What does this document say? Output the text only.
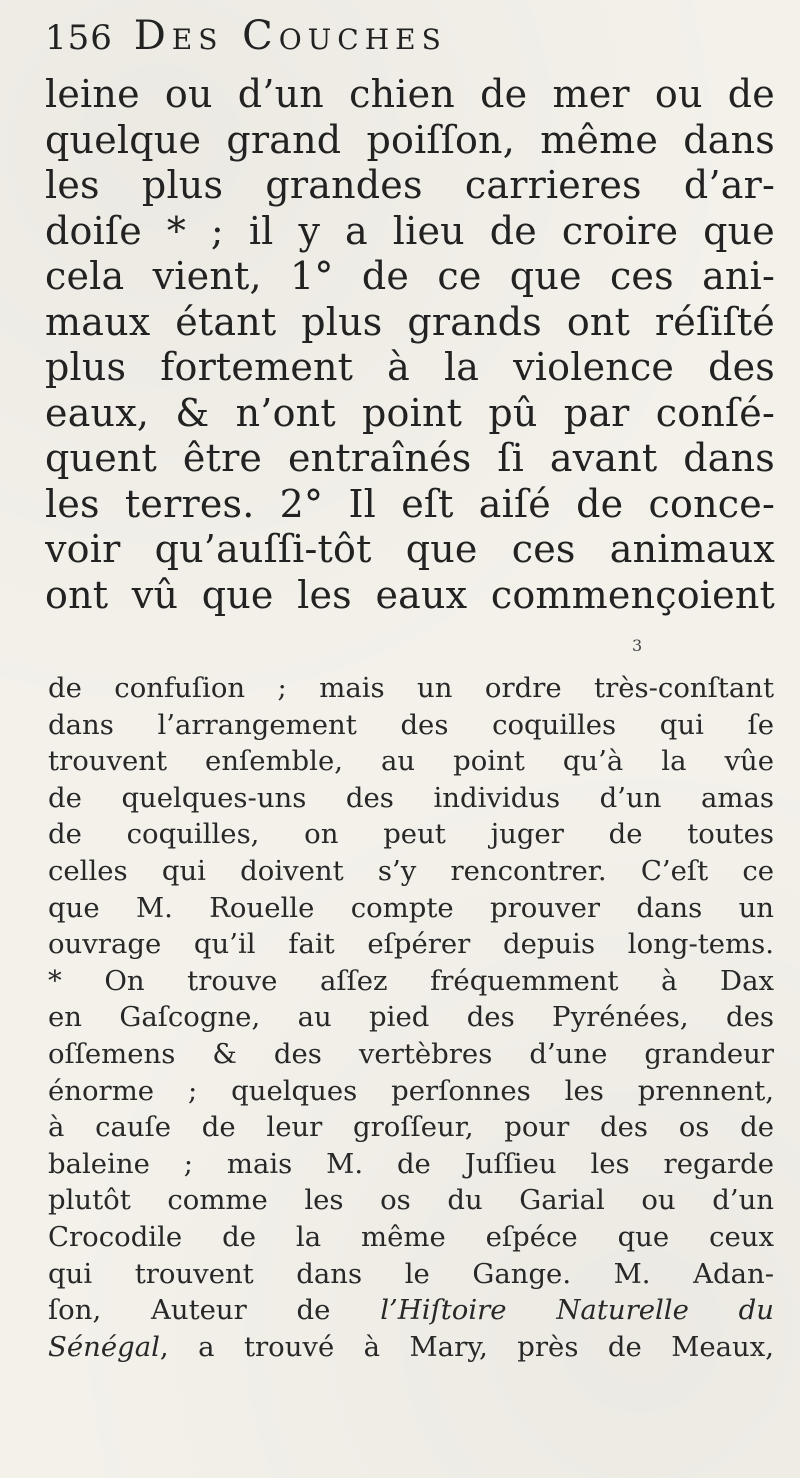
156 Des Couches
leine ou d’un chien de mer ou de
quelque grand poiſſon, même dans
les plus grandes carrieres d’ar-
doiſe * ; il y a lieu de croire que
cela vient, 1° de ce que ces ani-
maux étant plus grands ont réſiſté
plus fortement à la violence des
eaux, & n’ont point pû par conſé-
quent être entraînés ſi avant dans
les terres. 2° Il eſt aiſé de conce-
voir qu’auſſi-tôt que ces animaux
ont vû que les eaux commençoient
3
de confuſion ; mais un ordre très-conſtant
dans l’arrangement des coquilles qui ſe
trouvent enſemble, au point qu’à la vûe
de quelques-uns des individus d’un amas
de coquilles, on peut juger de toutes
celles qui doivent s’y rencontrer. C’eſt ce
que M. Rouelle compte prouver dans un
ouvrage qu’il fait eſpérer depuis long-tems.
* On trouve aſſez fréquemment à Dax
en Gaſcogne, au pied des Pyrénées, des
oſſemens & des vertèbres d’une grandeur
énorme ; quelques perſonnes les prennent,
à cauſe de leur groſſeur, pour des os de
baleine ; mais M. de Juſſieu les regarde
plutôt comme les os du Garial ou d’un
Crocodile de la même eſpéce que ceux
qui trouvent dans le Gange. M. Adan-
ſon, Auteur de l’Hiſtoire Naturelle du
Sénégal, a trouvé à Mary, près de Meaux,
